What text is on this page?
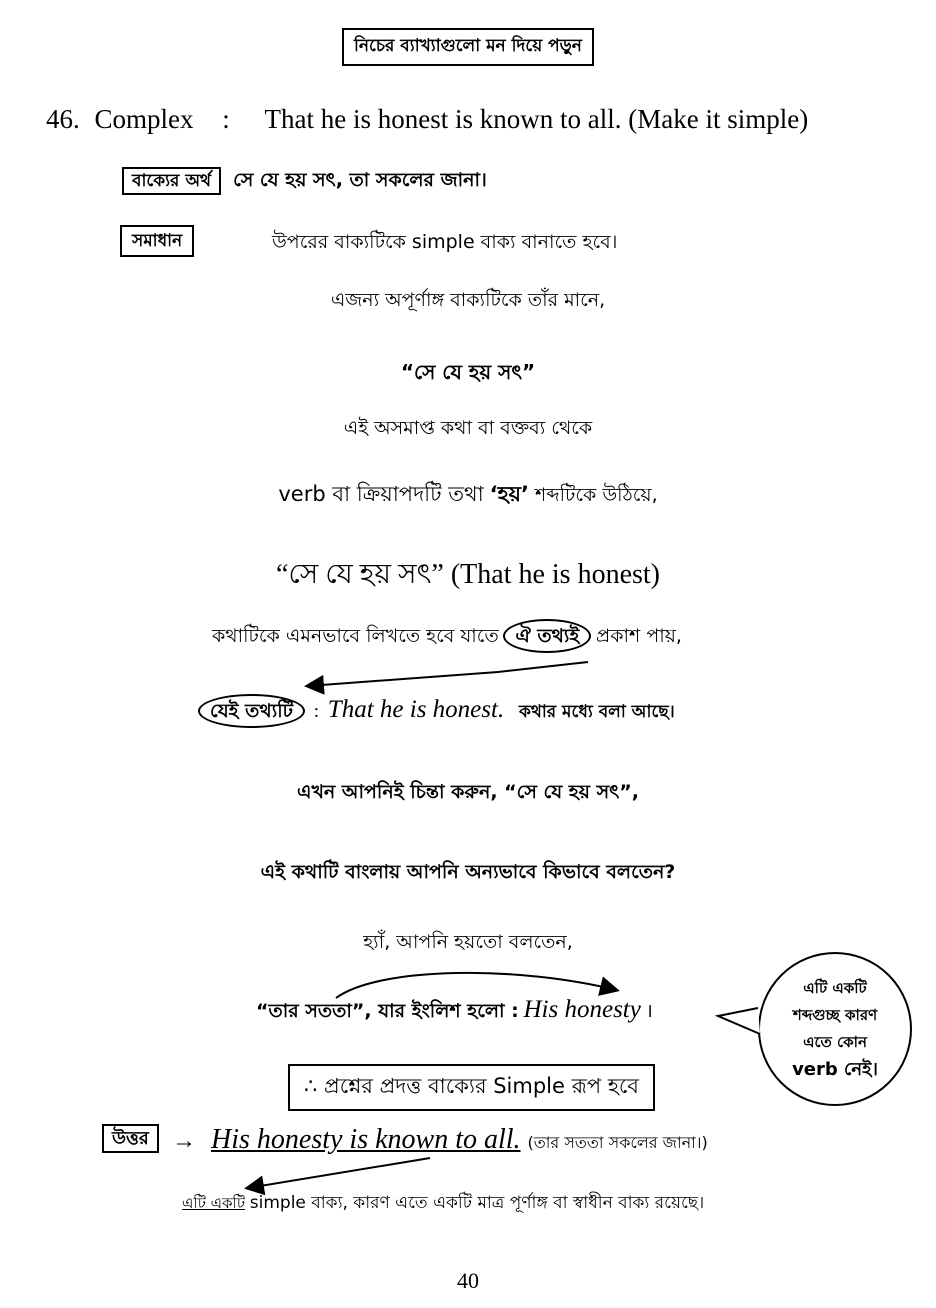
নিচের ব্যাখ্যাগুলো মন দিয়ে পড়ুন
46. Complex : That he is honest is known to all. (Make it simple)
বাক্যের অর্থ সে যে হয় সৎ, তা সকলের জানা।
সমাধান	উপরের বাক্যটিকে simple বাক্য বানাতে হবে।
এজন্য অপূর্ণাঙ্গ বাক্যটিকে তাঁর মানে,
“সে যে হয় সৎ”
এই অসমাপ্ত কথা বা বক্তব্য থেকে
verb বা ক্রিয়াপদটি তথা ‘হয়’ শব্দটিকে উঠিয়ে,
“সে যে হয় সৎ” (That he is honest)
কথাটিকে এমনভাবে লিখতে হবে যাতে ঐ তথ্যই প্রকাশ পায়,
যেই তথ্যটি : That he is honest. কথার মধ্যে বলা আছে।
এখন আপনিই চিন্তা করুন, “সে যে হয় সৎ”,
এই কথাটি বাংলায় আপনি অন্যভাবে কিভাবে বলতেন?
হ্যাঁ, আপনি হয়তো বলতেন,
“তার সততা”, যার ইংলিশ হলো : His honesty ।
এটি একটি
শব্দগুচ্ছ কারণ
এতে কোন
verb নেই।
∴ প্রশ্নের প্রদত্ত বাক্যের Simple রূপ হবে
উত্তর → His honesty is known to all. (তার সততা সকলের জানা।)
এটি একটি simple বাক্য, কারণ এতে একটি মাত্র পূর্ণাঙ্গ বা স্বাধীন বাক্য রয়েছে।
40
